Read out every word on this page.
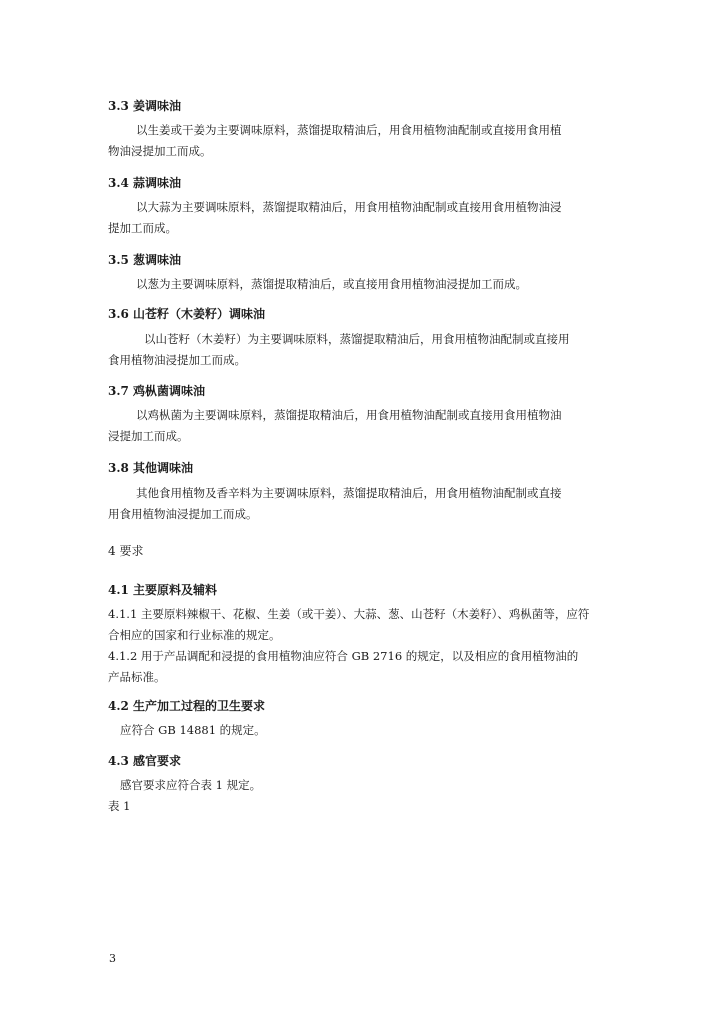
3.3 姜调味油
以生姜或干姜为主要调味原料，蒸馏提取精油后，用食用植物油配制或直接用食用植
物油浸提加工而成。
3.4 蒜调味油
以大蒜为主要调味原料，蒸馏提取精油后，用食用植物油配制或直接用食用植物油浸
提加工而成。
3.5 葱调味油
以葱为主要调味原料，蒸馏提取精油后，或直接用食用植物油浸提加工而成。
3.6 山苍籽（木姜籽）调味油
以山苍籽（木姜籽）为主要调味原料，蒸馏提取精油后，用食用植物油配制或直接用
食用植物油浸提加工而成。
3.7 鸡枞菌调味油
以鸡枞菌为主要调味原料，蒸馏提取精油后，用食用植物油配制或直接用食用植物油
浸提加工而成。
3.8 其他调味油
其他食用植物及香辛料为主要调味原料，蒸馏提取精油后，用食用植物油配制或直接
用食用植物油浸提加工而成。
4 要求
4.1 主要原料及辅料
4.1.1 主要原料辣椒干、花椒、生姜（或干姜）、大蒜、葱、山苍籽（木姜籽）、鸡枞菌等，应符
合相应的国家和行业标准的规定。
4.1.2 用于产品调配和浸提的食用植物油应符合 GB 2716 的规定，以及相应的食用植物油的
产品标准。
4.2 生产加工过程的卫生要求
应符合 GB 14881 的规定。
4.3 感官要求
感官要求应符合表 1 规定。
表 1
3
